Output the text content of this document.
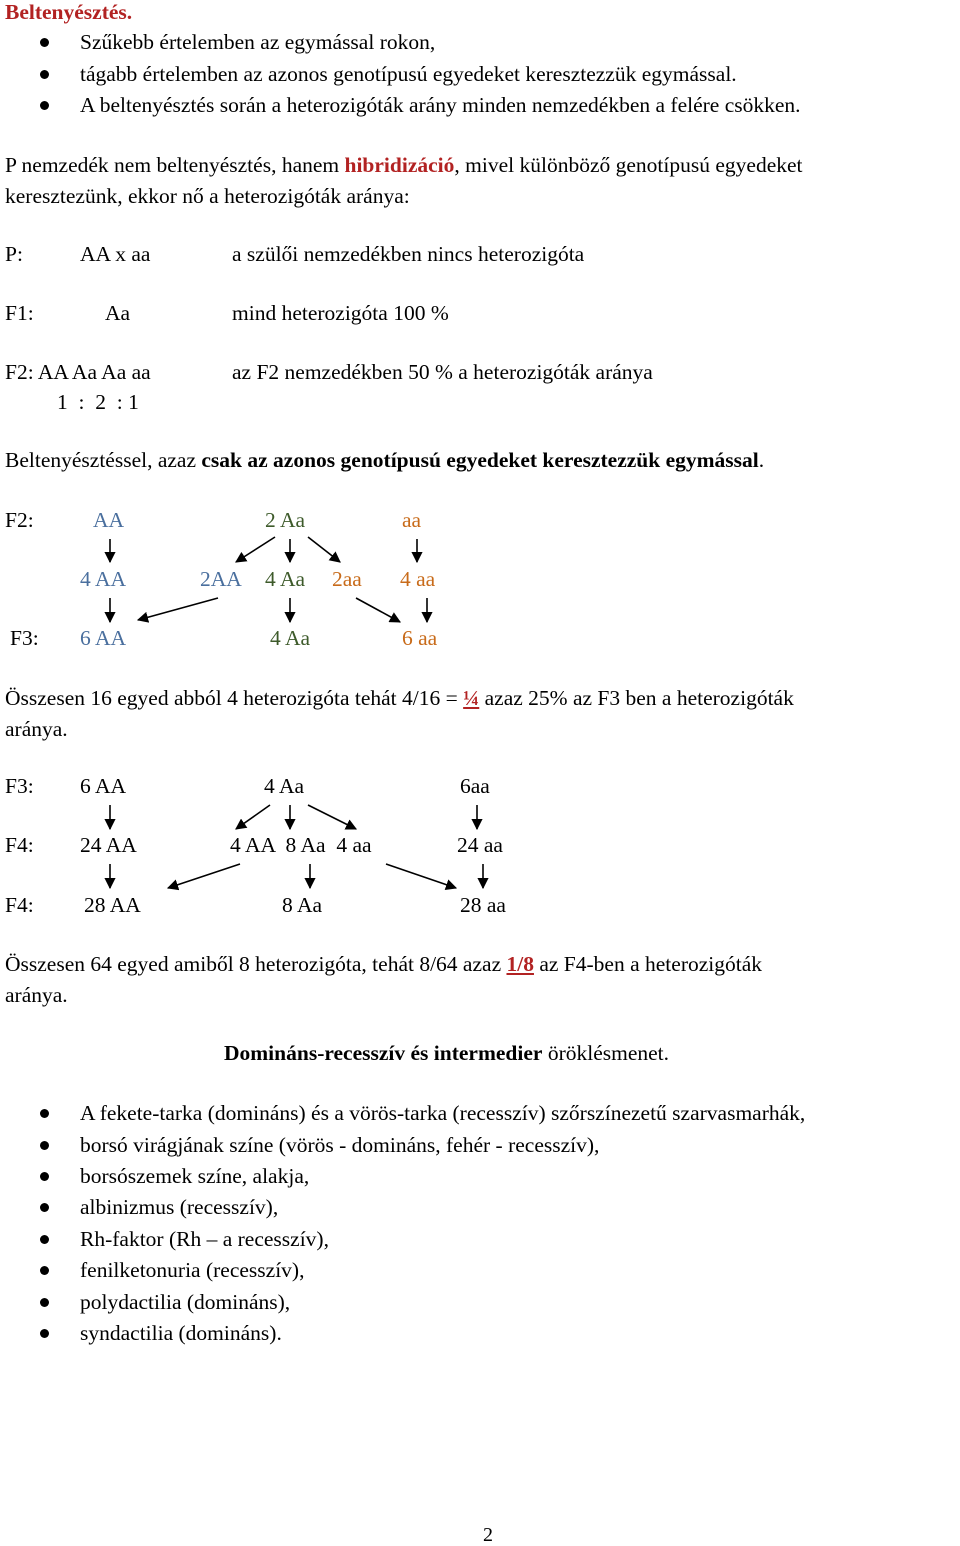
Beltenyésztés.
Szűkebb értelemben az egymással rokon,
tágabb értelemben az azonos genotípusú egyedeket keresztezzük egymással.
A beltenyésztés során a heterozigóták arány minden nemzedékben a felére csökken.
P nemzedék nem beltenyésztés, hanem hibridizáció, mivel különböző genotípusú egyedeket
keresztezünk, ekkor nő a heterozigóták aránya:
P:	AA x aa	a szülői nemzedékben nincs heterozigóta
F1:	Aa	mind heterozigóta 100 %
F2: AA Aa Aa aa	az F2 nemzedékben 50 % a heterozigóták aránya
1  :  2  : 1
Beltenyésztéssel, azaz csak az azonos genotípusú egyedeket keresztezzük egymással.
F2:	AA	2 Aa	aa
4 AA	2AA 4 Aa 2aa 4 aa
F3: 6 AA	4 Aa	6 aa
Összesen 16 egyed abból 4 heterozigóta tehát 4/16 = ¼ azaz 25% az F3 ben a heterozigóták
aránya.
F3: 6 AA	4 Aa	6aa
F4: 24 AA	4 AA  8 Aa  4 aa	24 aa
F4: 28 AA	8 Aa	28 aa
Összesen 64 egyed amiből 8 heterozigóta, tehát 8/64 azaz 1/8 az F4-ben a heterozigóták
aránya.
Domináns-recesszív és intermedier öröklésmenet.
A fekete-tarka (domináns) és a vörös-tarka (recesszív) szőrszínezetű szarvasmarhák,
borsó virágjának színe (vörös - domináns, fehér - recesszív),
borsószemek színe, alakja,
albinizmus (recesszív),
Rh-faktor (Rh – a recesszív),
fenilketonuria (recesszív),
polydactilia (domináns),
syndactilia (domináns).
2
